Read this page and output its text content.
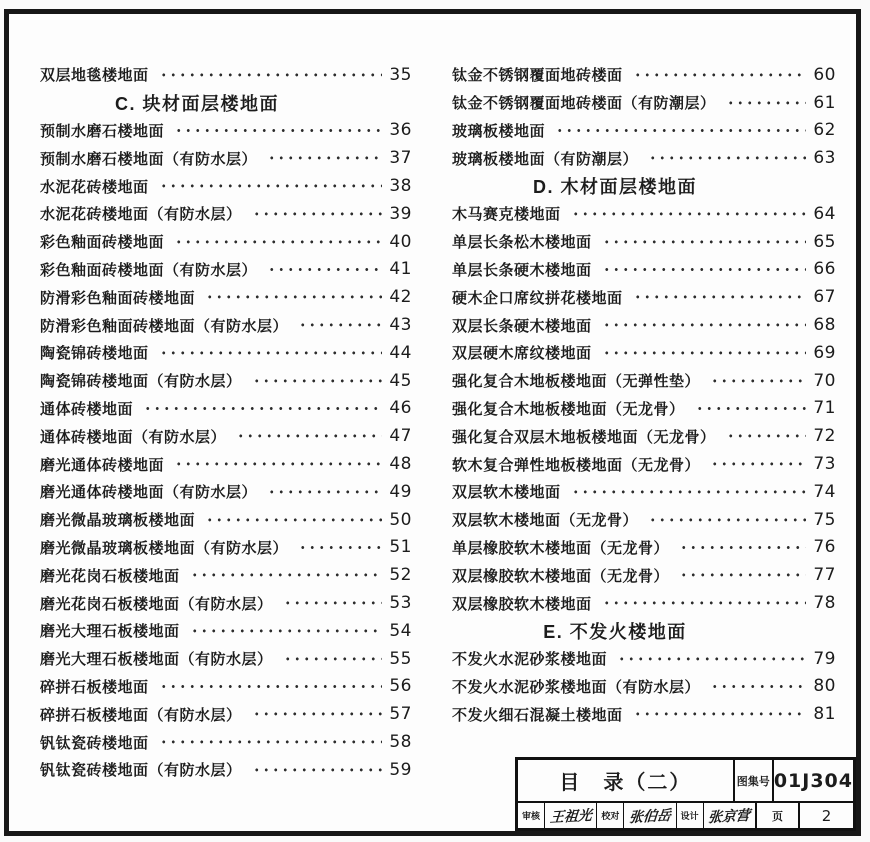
双层地毯楼地面	35
C. 块材面层楼地面
预制水磨石楼地面	36
预制水磨石楼地面（有防水层）	37
水泥花砖楼地面	38
水泥花砖楼地面（有防水层）	39
彩色釉面砖楼地面	40
彩色釉面砖楼地面（有防水层）	41
防滑彩色釉面砖楼地面	42
防滑彩色釉面砖楼地面（有防水层）	43
陶瓷锦砖楼地面	44
陶瓷锦砖楼地面（有防水层）	45
通体砖楼地面	46
通体砖楼地面（有防水层）	47
磨光通体砖楼地面	48
磨光通体砖楼地面（有防水层）	49
磨光微晶玻璃板楼地面	50
磨光微晶玻璃板楼地面（有防水层）	51
磨光花岗石板楼地面	52
磨光花岗石板楼地面（有防水层）	53
磨光大理石板楼地面	54
磨光大理石板楼地面（有防水层）	55
碎拼石板楼地面	56
碎拼石板楼地面（有防水层）	57
钒钛瓷砖楼地面	58
钒钛瓷砖楼地面（有防水层）	59
钛金不锈钢覆面地砖楼面	60
钛金不锈钢覆面地砖楼面（有防潮层）	61
玻璃板楼地面	62
玻璃板楼地面（有防潮层）	63
D. 木材面层楼地面
木马赛克楼地面	64
单层长条松木楼地面	65
单层长条硬木楼地面	66
硬木企口席纹拼花楼地面	67
双层长条硬木楼地面	68
双层硬木席纹楼地面	69
强化复合木地板楼地面（无弹性垫）	70
强化复合木地板楼地面（无龙骨）	71
强化复合双层木地板楼地面（无龙骨）	72
软木复合弹性地板楼地面（无龙骨）	73
双层软木楼地面	74
双层软木楼地面（无龙骨）	75
单层橡胶软木楼地面（无龙骨）	76
双层橡胶软木楼地面（无龙骨）	77
双层橡胶软木楼地面	78
E. 不发火楼地面
不发火水泥砂浆楼地面	79
不发火水泥砂浆楼地面（有防水层）	80
不发火细石混凝土楼地面	81
目　录（二）	图集号 01J304
审核 王祖光 校对 张伯岳 设计 张京营	页	2
